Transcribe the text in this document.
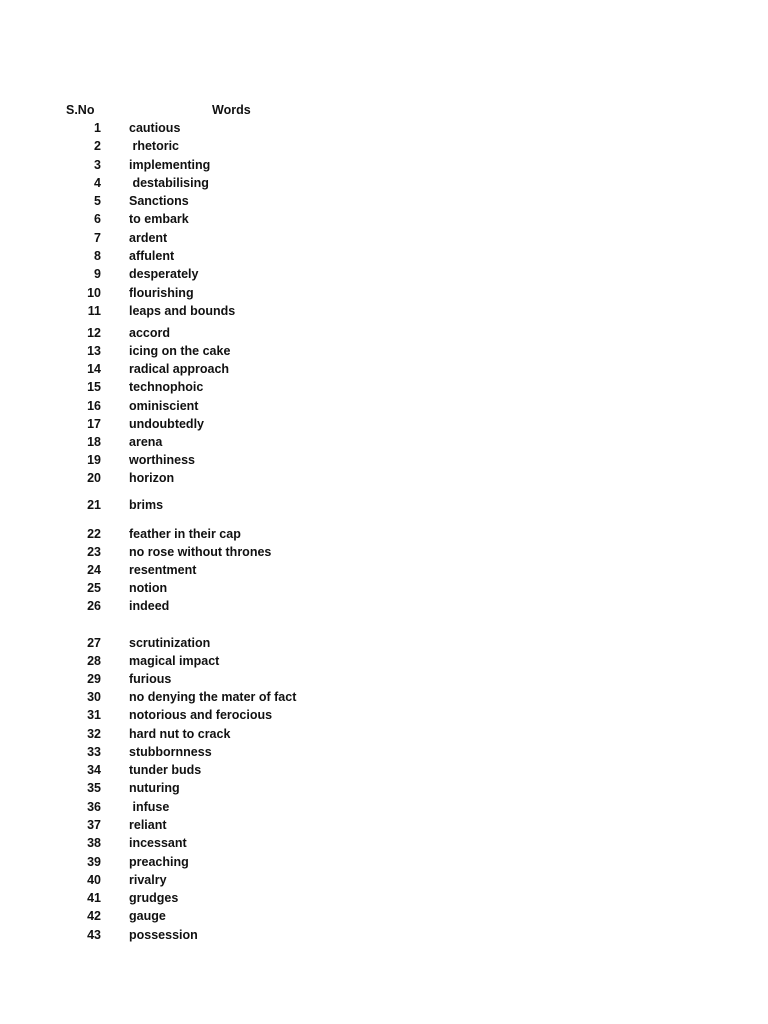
S.No	Words
1 cautious
2 rhetoric
3 implementing
4 destabilising
5 Sanctions
6 to embark
7 ardent
8 affulent
9 desperately
10 flourishing
11 leaps and bounds
12 accord
13 icing on the cake
14 radical approach
15 technophoic
16 ominiscient
17 undoubtedly
18 arena
19 worthiness
20 horizon
21 brims
22 feather in their cap
23 no rose without thrones
24 resentment
25 notion
26 indeed
27 scrutinization
28 magical impact
29 furious
30 no denying the mater of fact
31 notorious and ferocious
32 hard nut to crack
33 stubbornness
34 tunder buds
35 nuturing
36 infuse
37 reliant
38 incessant
39 preaching
40 rivalry
41 grudges
42 gauge
43 possession
